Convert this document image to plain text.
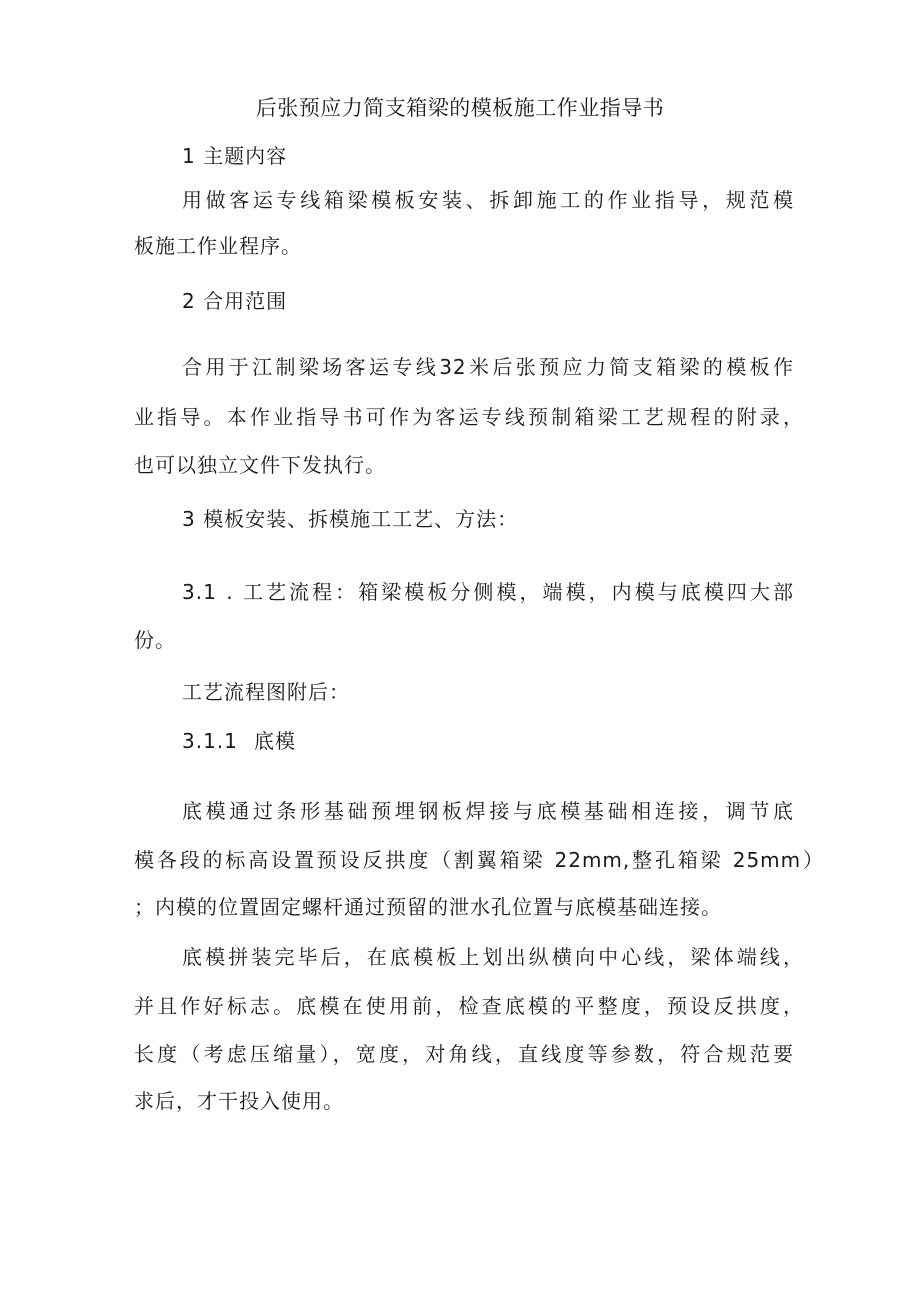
后张预应力简支箱梁的模板施工作业指导书

1 主题内容

用做客运专线箱梁模板安装、拆卸施工的作业指导，规范模

板施工作业程序。

2 合用范围

合用于江制梁场客运专线32米后张预应力简支箱梁的模板作

业指导。本作业指导书可作为客运专线预制箱梁工艺规程的附录，

也可以独立文件下发执行。

3 模板安装、拆模施工工艺、方法：

3.1 . 工艺流程：箱梁模板分侧模，端模，内模与底模四大部

份。

工艺流程图附后：

3.1.1 底模

底模通过条形基础预埋钢板焊接与底模基础相连接，调节底

模各段的标高设置预设反拱度（割翼箱梁 22mm,整孔箱梁 25mm）

；内模的位置固定螺杆通过预留的泄水孔位置与底模基础连接。

底模拼装完毕后，在底模板上划出纵横向中心线，梁体端线，

并且作好标志。底模在使用前，检查底模的平整度，预设反拱度，

长度（考虑压缩量），宽度，对角线，直线度等参数，符合规范要

求后，才干投入使用。
